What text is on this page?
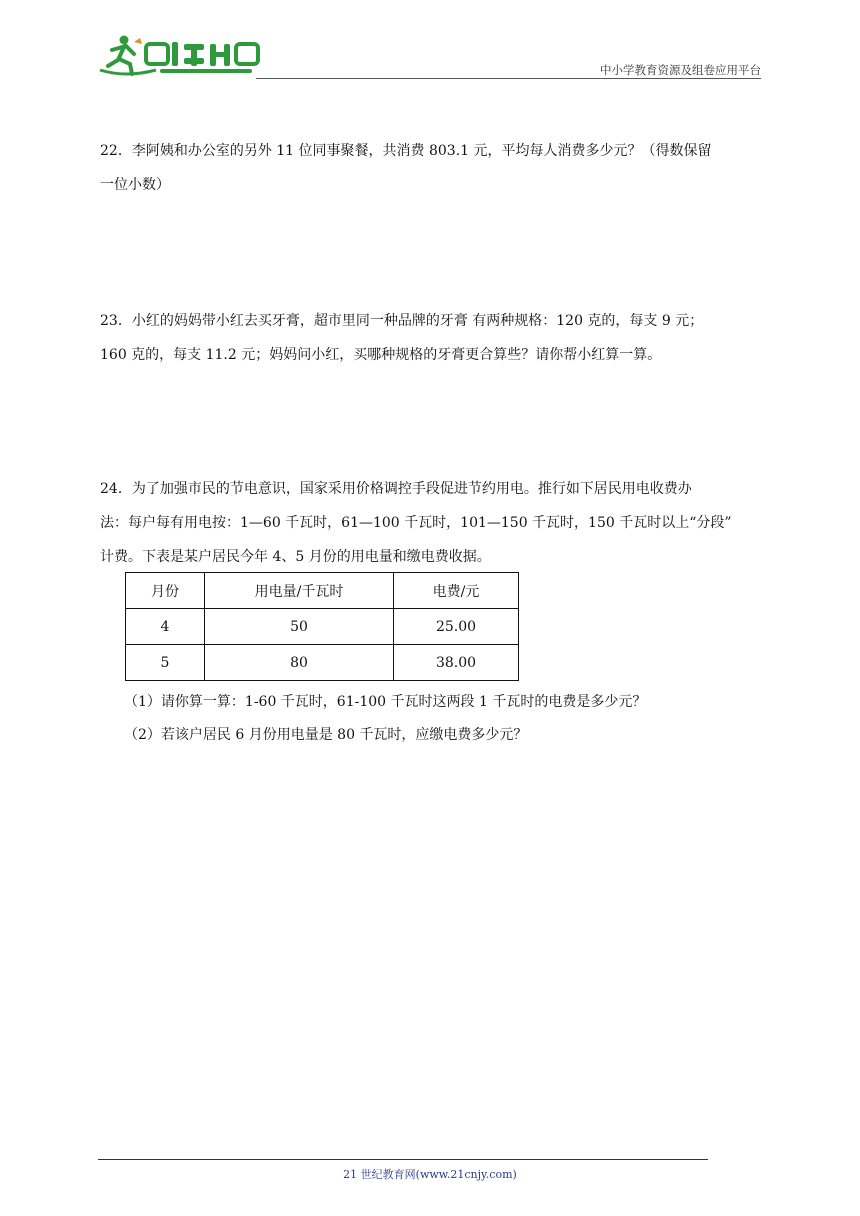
中小学教育资源及组卷应用平台
22．李阿姨和办公室的另外 11 位同事聚餐，共消费 803.1 元，平均每人消费多少元？（得数保留
一位小数）
23．小红的妈妈带小红去买牙膏，超市里同一种品牌的牙膏 有两种规格：120 克的，每支 9 元；
160 克的，每支 11.2 元；妈妈问小红，买哪种规格的牙膏更合算些？请你帮小红算一算。
24．为了加强市民的节电意识，国家采用价格调控手段促进节约用电。推行如下居民用电收费办
法：每户每有用电按：1—60 千瓦时，61—100 千瓦时，101—150 千瓦时，150 千瓦时以上“分段”
计费。下表是某户居民今年 4、5 月份的用电量和缴电费收据。
月份	用电量/千瓦时	电费/元
4	50	25.00
5	80	38.00
（1）请你算一算：1-60 千瓦时，61-100 千瓦时这两段 1 千瓦时的电费是多少元？
（2）若该户居民 6 月份用电量是 80 千瓦时，应缴电费多少元？
21 世纪教育网(www.21cnjy.com)
